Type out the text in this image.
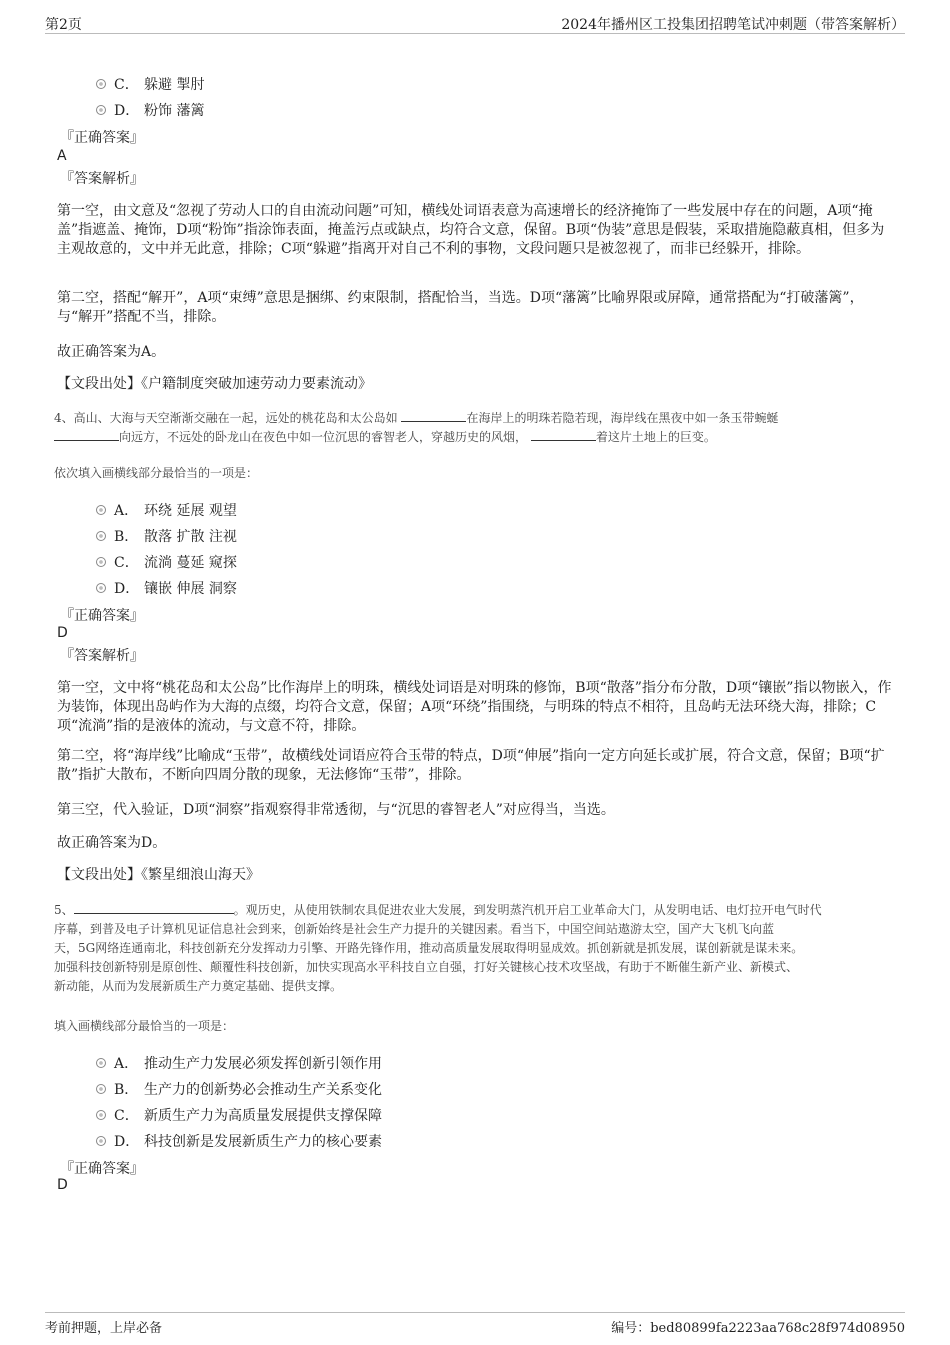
第2页	2024年播州区工投集团招聘笔试冲刺题（带答案解析）
C． 躲避 掣肘
D． 粉饰 藩篱
『正确答案』
A
『答案解析』
第一空，由文意及“忽视了劳动人口的自由流动问题”可知，横线处词语表意为高速增长的经济掩饰了一些发展中存在的问题，A项“掩盖”指遮盖、掩饰，D项“粉饰”指涂饰表面，掩盖污点或缺点，均符合文意，保留。B项“伪装”意思是假装，采取措施隐蔽真相，但多为主观故意的，文中并无此意，排除；C项“躲避”指离开对自己不利的事物，文段问题只是被忽视了，而非已经躲开，排除。
第二空，搭配“解开”，A项“束缚”意思是捆绑、约束限制，搭配恰当，当选。D项“藩篱”比喻界限或屏障，通常搭配为“打破藩篱”，与“解开”搭配不当，排除。
故正确答案为A。
【文段出处】《户籍制度突破加速劳动力要素流动》
4、高山、大海与天空渐渐交融在一起，远处的桃花岛和太公岛如	在海岸上的明珠若隐若现，海岸线在黑夜中如一条玉带蜿蜒
向远方，不远处的卧龙山在夜色中如一位沉思的睿智老人，穿越历史的风烟，	着这片土地上的巨变。
依次填入画横线部分最恰当的一项是：
A． 环绕 延展 观望
B． 散落 扩散 注视
C． 流淌 蔓延 窥探
D． 镶嵌 伸展 洞察
『正确答案』
D
『答案解析』
第一空，文中将“桃花岛和太公岛”比作海岸上的明珠，横线处词语是对明珠的修饰，B项“散落”指分布分散，D项“镶嵌”指以物嵌入，作为装饰，体现出岛屿作为大海的点缀，均符合文意，保留；A项“环绕”指围绕，与明珠的特点不相符，且岛屿无法环绕大海，排除；C项“流淌”指的是液体的流动，与文意不符，排除。
第二空，将“海岸线”比喻成“玉带”，故横线处词语应符合玉带的特点，D项“伸展”指向一定方向延长或扩展，符合文意，保留；B项“扩散”指扩大散布，不断向四周分散的现象，无法修饰“玉带”，排除。
第三空，代入验证，D项“洞察”指观察得非常透彻，与“沉思的睿智老人”对应得当，当选。
故正确答案为D。
【文段出处】《繁星细浪山海天》
5、	。观历史，从使用铁制农具促进农业大发展，到发明蒸汽机开启工业革命大门，从发明电话、电灯拉开电气时代
序幕，到普及电子计算机见证信息社会到来，创新始终是社会生产力提升的关键因素。看当下，中国空间站遨游太空，国产大飞机飞向蓝
天，5G网络连通南北，科技创新充分发挥动力引擎、开路先锋作用，推动高质量发展取得明显成效。抓创新就是抓发展，谋创新就是谋未来。
加强科技创新特别是原创性、颠覆性科技创新，加快实现高水平科技自立自强，打好关键核心技术攻坚战，有助于不断催生新产业、新模式、
新动能，从而为发展新质生产力奠定基础、提供支撑。
填入画横线部分最恰当的一项是：
A． 推动生产力发展必须发挥创新引领作用
B． 生产力的创新势必会推动生产关系变化
C． 新质生产力为高质量发展提供支撑保障
D． 科技创新是发展新质生产力的核心要素
『正确答案』
D
考前押题，上岸必备	编号：bed80899fa2223aa768c28f974d08950
